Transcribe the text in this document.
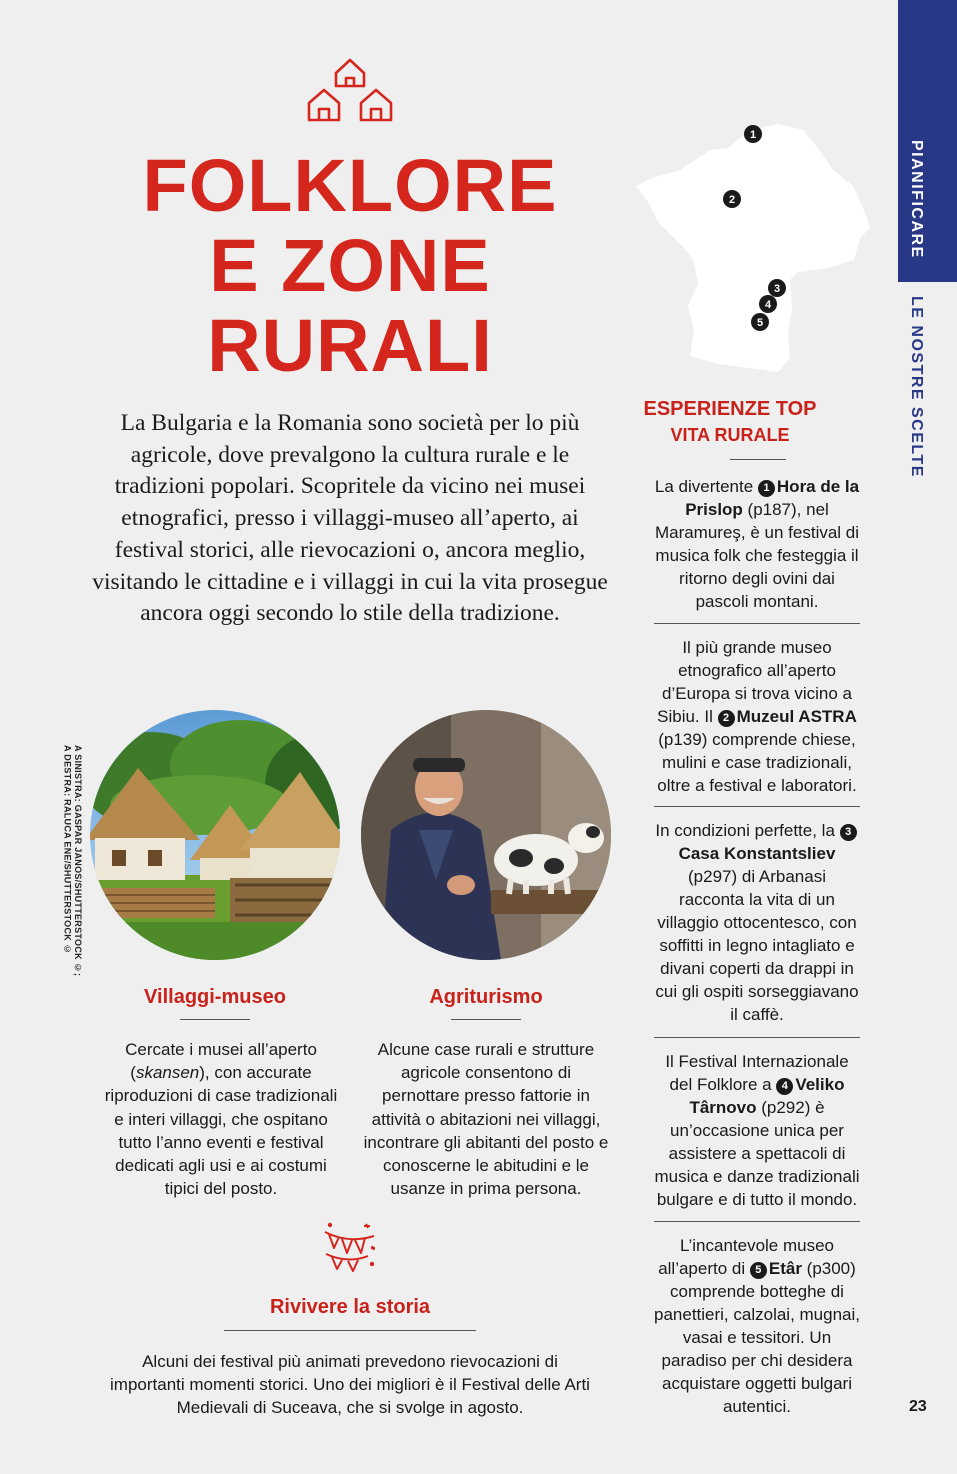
PIANIFICARE
LE NOSTRE SCELTE
FOLKLORE
E ZONE
RURALI

La Bulgaria e la Romania sono società per lo più agricole, dove prevalgono la cultura rurale e le tradizioni popolari. Scopritele da vicino nei musei etnografici, presso i villaggi-museo all’aperto, ai festival storici, alle rievocazioni o, ancora meglio, visitando le cittadine e i villaggi in cui la vita prosegue ancora oggi secondo lo stile della tradizione.

A SINISTRA: GASPAR JANOS/SHUTTERSTOCK ©;
A DESTRA: RALUCA ENE/SHUTTERSTOCK ©
Villaggi-museo

Cercate i musei all’aperto (skansen), con accurate riproduzioni di case tradizionali e interi villaggi, che ospitano tutto l’anno eventi e festival dedicati agli usi e ai costumi tipici del posto.

Agriturismo

Alcune case rurali e strutture agricole consentono di pernottare presso fattorie in attività o abitazioni nei villaggi, incontrare gli abitanti del posto e conoscerne le abitudini e le usanze in prima persona.

Rivivere la storia

Alcuni dei festival più animati prevedono rievocazioni di importanti momenti storici. Uno dei migliori è il Festival delle Arti Medievali di Suceava, che si svolge in agosto.

1
2
3
4
5
ESPERIENZE TOP
VITA RURALE

La divertente 1 Hora de la Prislop (p187), nel Maramureş, è un festival di musica folk che festeggia il ritorno degli ovini dai pascoli montani.

Il più grande museo etnografico all’aperto d’Europa si trova vicino a Sibiu. Il 2 Muzeul ASTRA (p139) comprende chiese, mulini e case tradizionali, oltre a festival e laboratori.

In condizioni perfette, la 3Casa Konstantsliev (p297) di Arbanasi racconta la vita di un villaggio ottocentesco, con soffitti in legno intagliato e divani coperti da drappi in cui gli ospiti sorseggiavano il caffè.

Il Festival Internazionale del Folklore a 4 Veliko Târnovo (p292) è un’occasione unica per assistere a spettacoli di musica e danze tradizionali bulgare e di tutto il mondo.

L’incantevole museo all’aperto di 5 Etâr (p300) comprende botteghe di panettieri, calzolai, mugnai, vasai e tessitori. Un paradiso per chi desidera acquistare oggetti bulgari autentici.	23
